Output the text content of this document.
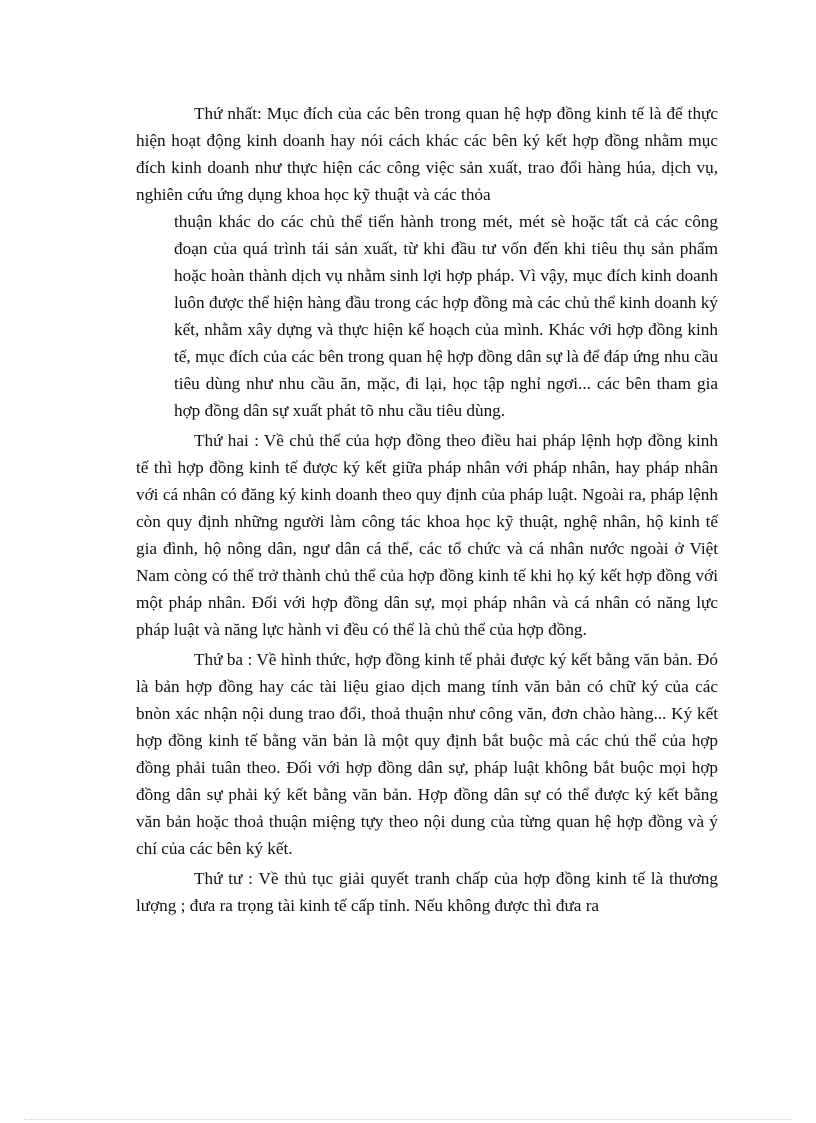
Thứ nhất: Mục đích của các bên trong quan hệ hợp đồng kinh tế là để thực hiện hoạt động kinh doanh hay nói cách khác các bên ký kết hợp đồng nhằm mục đích kinh doanh như thực hiện các công việc sản xuất, trao đổi hàng húa, dịch vụ, nghiên cứu ứng dụng khoa học kỹ thuật và các thỏa

thuận khác do các chủ thể tiến hành trong mét, mét sè hoặc tất cả các công đoạn của quá trình tái sản xuất, từ khi đầu tư vốn đến khi tiêu thụ sản phẩm hoặc hoàn thành dịch vụ nhằm sinh lợi hợp pháp. Vì vậy, mục đích kinh doanh luôn được thể hiện hàng đầu trong các hợp đồng mà các chủ thể kinh doanh ký kết, nhằm xây dựng và thực hiện kế hoạch của mình. Khác với hợp đồng kinh tế, mục đích của các bên trong quan hệ hợp đồng dân sự là để đáp ứng nhu cầu tiêu dùng như nhu cầu ăn, mặc, đi lại, học tập nghỉ ngơi... các bên tham gia hợp đồng dân sự xuất phát tõ nhu cầu tiêu dùng.

Thứ hai : Về chủ thể của hợp đồng theo điều hai pháp lệnh hợp đồng kinh tế thì hợp đồng kinh tế được ký kết giữa pháp nhân với pháp nhân, hay pháp nhân với cá nhân có đăng ký kinh doanh theo quy định của pháp luật. Ngoài ra, pháp lệnh còn quy định những người làm công tác khoa học kỹ thuật, nghệ nhân, hộ kinh tế gia đình, hộ nông dân, ngư dân cá thể, các tổ chức và cá nhân nước ngoài ở Việt Nam còng có thể trở thành chủ thể của hợp đồng kinh tế khi họ ký kết hợp đồng với một pháp nhân. Đối với hợp đồng dân sự, mọi pháp nhân và cá nhân có năng lực pháp luật và năng lực hành vi đều có thể là chủ thể của hợp đồng.

Thứ ba : Về hình thức, hợp đồng kinh tế phải được ký kết bằng văn bản. Đó là bản hợp đồng hay các tài liệu giao dịch mang tính văn bản có chữ ký của các bnòn xác nhận nội dung trao đổi, thoả thuận như công văn, đơn chào hàng... Ký kết hợp đồng kinh tế bằng văn bản là một quy định bắt buộc mà các chủ thể của hợp đồng phải tuân theo. Đối với hợp đồng dân sự, pháp luật không bắt buộc mọi hợp đồng dân sự phải ký kết bằng văn bản. Hợp đồng dân sự có thể được ký kết bằng văn bản hoặc thoả thuận miệng tựy theo nội dung của từng quan hệ hợp đồng và ý chí của các bên ký kết.

Thứ tư : Về thủ tục giải quyết tranh chấp của hợp đồng kinh tế là thương lượng ; đưa ra trọng tài kinh tế cấp tỉnh. Nếu không được thì đưa ra
